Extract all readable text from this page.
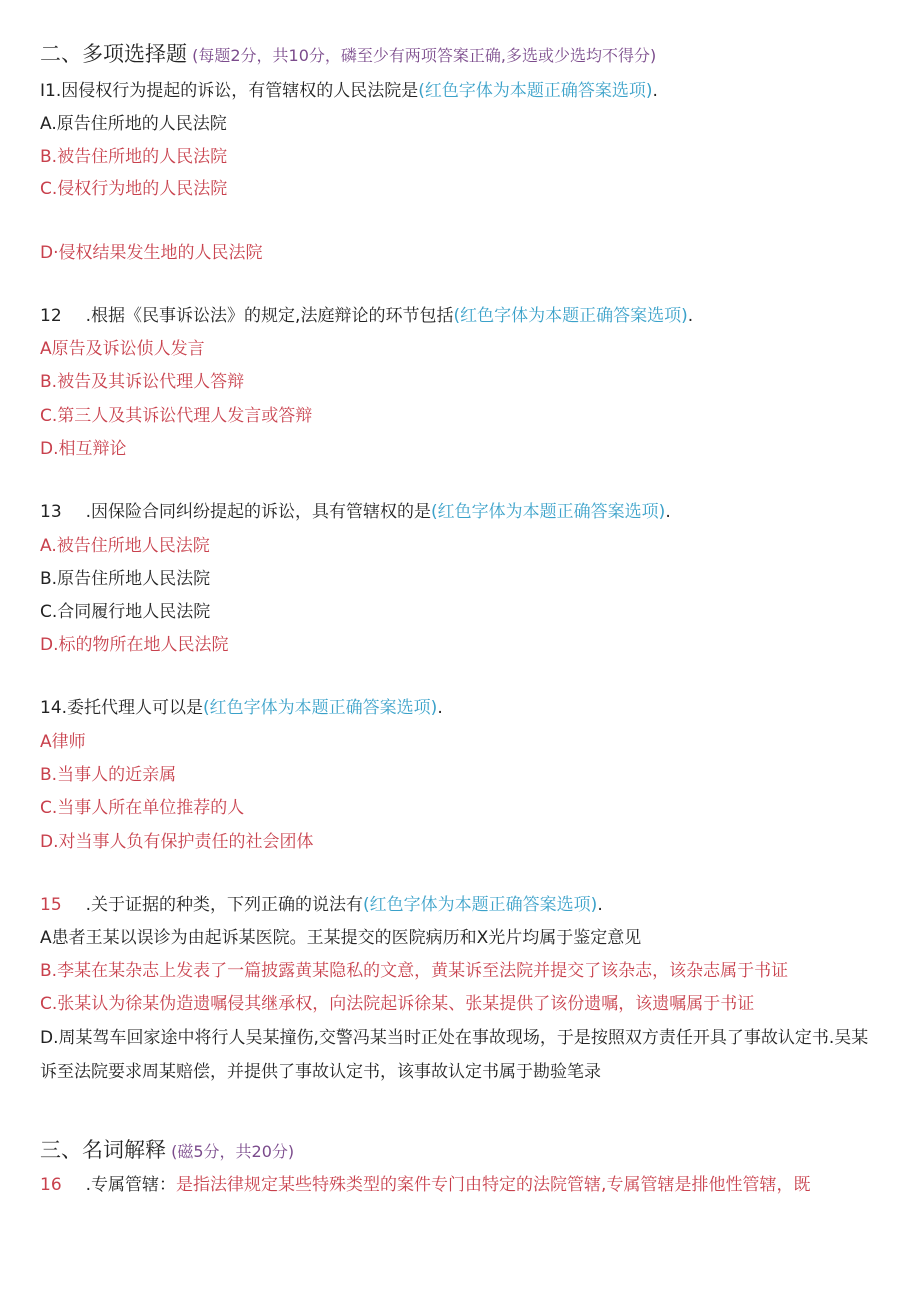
二、多项选择题 (每题2分，共10分，磷至少有两项答案正确,多选或少选均不得分)
I1.因侵权行为提起的诉讼，有管辖权的人民法院是(红色字体为本题正确答案选项).
A.原告住所地的人民法院
B.被告住所地的人民法院
C.侵权行为地的人民法院
D·侵权结果发生地的人民法院
12 .根据《民事诉讼法》的规定,法庭辩论的环节包括(红色字体为本题正确答案选项).
A原告及诉讼侦人发言
B.被告及其诉讼代理人答辩
C.第三人及其诉讼代理人发言或答辩
D.相互辩论
13 .因保险合同纠纷提起的诉讼，具有管辖权的是(红色字体为本题正确答案选项).
A.被告住所地人民法院
B.原告住所地人民法院
C.合同履行地人民法院
D.标的物所在地人民法院
14.委托代理人可以是(红色字体为本题正确答案选项).
A律师
B.当事人的近亲属
C.当事人所在单位推荐的人
D.对当事人负有保护责任的社会团体
15 .关于证据的种类，下列正确的说法有(红色字体为本题正确答案选项).
A患者王某以误诊为由起诉某医院。王某提交的医院病历和X光片均属于鉴定意见
B.李某在某杂志上发表了一篇披露黄某隐私的文意，黄某诉至法院并提交了该杂志，该杂志属于书证
C.张某认为徐某伪造遗嘱侵其继承权，向法院起诉徐某、张某提供了该份遗嘱，该遗嘱属于书证
D.周某驾车回家途中将行人吴某撞伤,交警冯某当时正处在事故现场，于是按照双方责任开具了事故认定书.吴某诉至法院要求周某赔偿，并提供了事故认定书，该事故认定书属于勘验笔录
三、名词解释 (磁5分，共20分)
16 .专属管辖：是指法律规定某些特殊类型的案件专门由特定的法院管辖,专属管辖是排他性管辖，既
